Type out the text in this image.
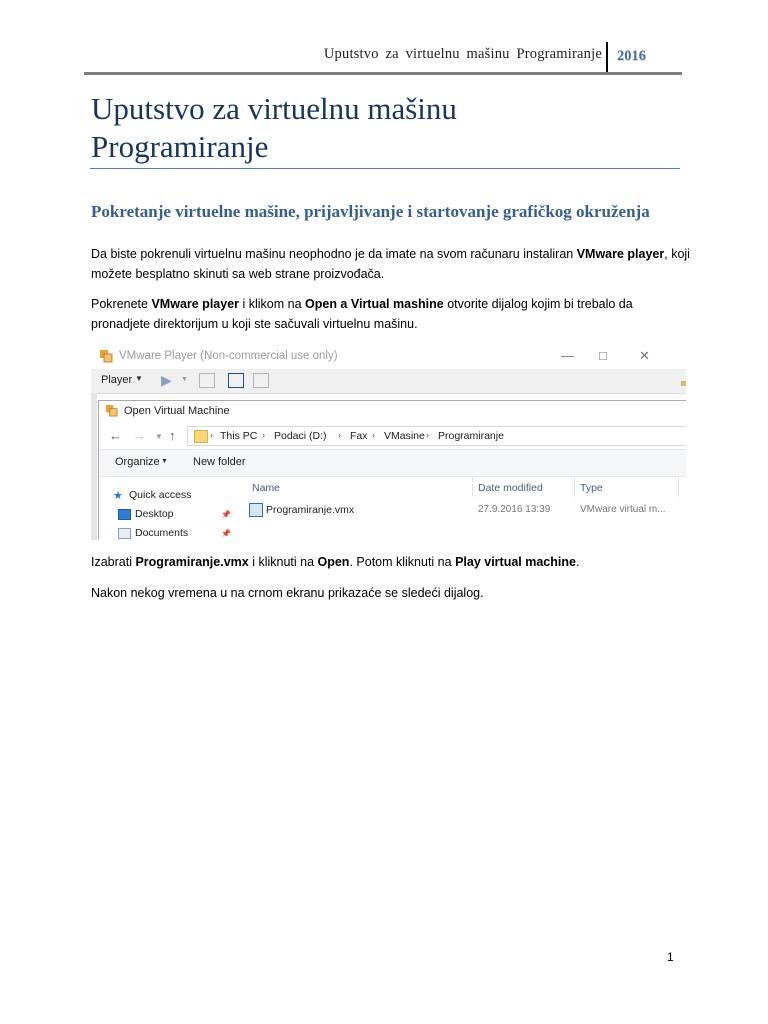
Uputstvo za virtuelnu mašinu Programiranje 2016
Uputstvo za virtuelnu mašinu
Programiranje
Pokretanje virtuelne mašine, prijavljivanje i startovanje grafičkog okruženja

Da biste pokrenuli virtuelnu mašinu neophodno je da imate na svom računaru instaliran VMware player, koji možete besplatno skinuti sa web strane proizvođača.

Pokrenete VMware player i klikom na Open a Virtual mashine otvorite dijalog kojim bi trebalo da pronadjete direktorijum u koji ste sačuvali virtuelnu mašinu.

VMware Player (Non-commercial use only)	— □ ✕
Player ▼ ▶ ▼
Open Virtual Machine
← → ▼ ↑	› This PC › Podaci (D:) › Fax › VMasine › Programiranje
Organize ▼ New folder
★ Quick access
Desktop	📌
Documents	📌
Name	Date modified	Type
Programiranje.vmx	27.9.2016 13:39	VMware virtual m...

Izabrati Programiranje.vmx i kliknuti na Open. Potom kliknuti na Play virtual machine.

Nakon nekog vremena u na crnom ekranu prikazaće se sledeći dijalog.

1
